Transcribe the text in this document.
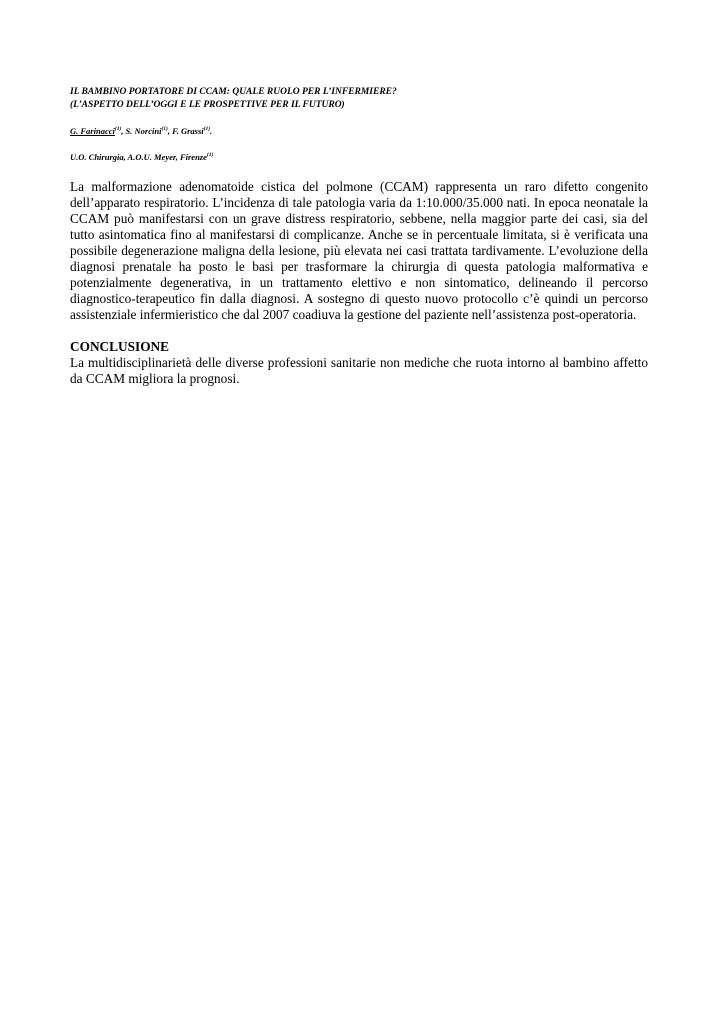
IL BAMBINO PORTATORE DI CCAM: QUALE RUOLO PER L’INFERMIERE?

(L’ASPETTO DELL’OGGI E LE PROSPETTIVE PER IL FUTURO)

G. Farinacci$^{(1)}$, S. Norcini$^{(1)}$, F. Grassi$^{(1)}$.
U.O. Chirurgia, A.O.U. Meyer, Firenze$^{(1)}$

La malformazione adenomatoide cistica del polmone (CCAM) rappresenta un raro difetto congenito dell’apparato respiratorio. L’incidenza di tale patologia varia da 1:10.000/35.000 nati. In epoca neonatale la CCAM può manifestarsi con un grave distress respiratorio, sebbene, nella maggior parte dei casi, sia del tutto asintomatica fino al manifestarsi di complicanze. Anche se in percentuale limitata, si è verificata una possibile degenerazione maligna della lesione, più elevata nei casi trattata tardivamente. L’evoluzione della diagnosi prenatale ha posto le basi per trasformare la chirurgia di questa patologia malformativa e potenzialmente degenerativa, in un trattamento elettivo e non sintomatico, delineando il percorso diagnostico-terapeutico fin dalla diagnosi. A sostegno di questo nuovo protocollo c’è quindi un percorso assistenziale infermieristico che dal 2007 coadiuva la gestione del paziente nell’assistenza post-operatoria.

CONCLUSIONE

La multidisciplinarietà delle diverse professioni sanitarie non mediche che ruota intorno al bambino affetto da CCAM migliora la prognosi.
